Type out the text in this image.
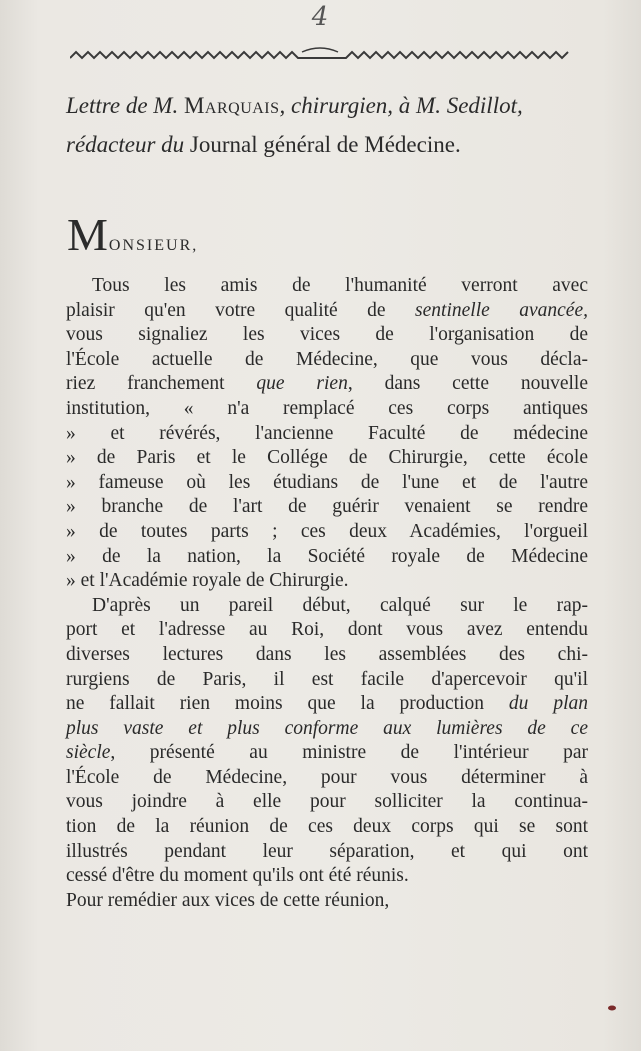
4
Lettre de M. Marquais, chirurgien, à M. Sedillot,
rédacteur du Journal général de Médecine.
M ONSIEUR,

Tous les amis de l'humanité verront avec

plaisir qu'en votre qualité de sentinelle avancée,

vous signaliez les vices de l'organisation de

l'École actuelle de Médecine, que vous décla-

riez franchement que rien, dans cette nouvelle

institution, « n'a remplacé ces corps antiques

» et révérés, l'ancienne Faculté de médecine

» de Paris et le Collége de Chirurgie, cette école

» fameuse où les étudians de l'une et de l'autre

» branche de l'art de guérir venaient se rendre

» de toutes parts ; ces deux Académies, l'orgueil

» de la nation, la Société royale de Médecine

» et l'Académie royale de Chirurgie.

D'après un pareil début, calqué sur le rap-

port et l'adresse au Roi, dont vous avez entendu

diverses lectures dans les assemblées des chi-

rurgiens de Paris, il est facile d'apercevoir qu'il

ne fallait rien moins que la production du plan

plus vaste et plus conforme aux lumières de ce

siècle, présenté au ministre de l'intérieur par

l'École de Médecine, pour vous déterminer à

vous joindre à elle pour solliciter la continua-

tion de la réunion de ces deux corps qui se sont

illustrés pendant leur séparation, et qui ont

cessé d'être du moment qu'ils ont été réunis.

Pour remédier aux vices de cette réunion,
